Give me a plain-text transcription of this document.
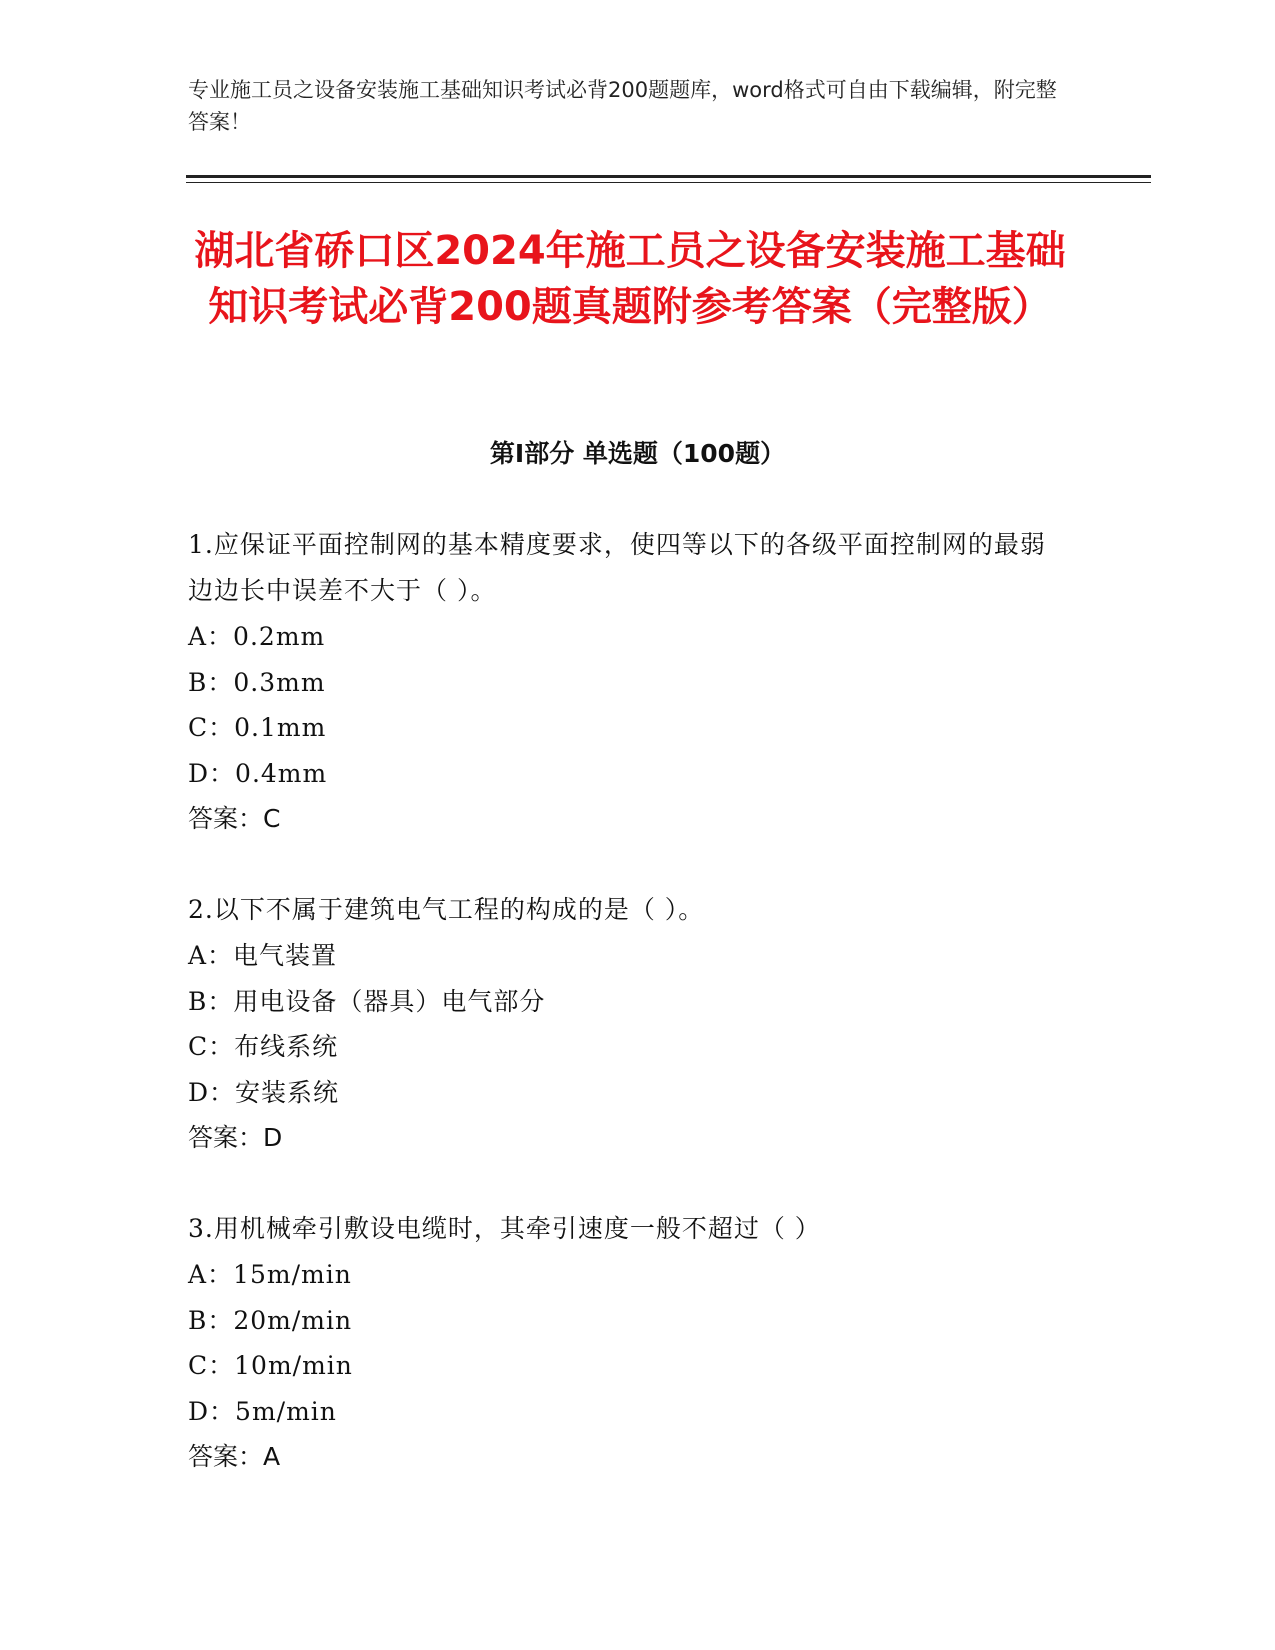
专业施工员之设备安装施工基础知识考试必背200题题库，word格式可自由下载编辑，附完整答案！
湖北省硚口区2024年施工员之设备安装施工基础知识考试必背200题真题附参考答案（完整版）
第I部分 单选题（100题）
1.应保证平面控制网的基本精度要求，使四等以下的各级平面控制网的最弱边边长中误差不大于（ ）。
A：0.2mm
B：0.3mm
C：0.1mm
D：0.4mm
答案：C
2.以下不属于建筑电气工程的构成的是（ ）。
A：电气装置
B：用电设备（器具）电气部分
C：布线系统
D：安装系统
答案：D
3.用机械牵引敷设电缆时，其牵引速度一般不超过（ ）
A：15m/min
B：20m/min
C：10m/min
D：5m/min
答案：A
